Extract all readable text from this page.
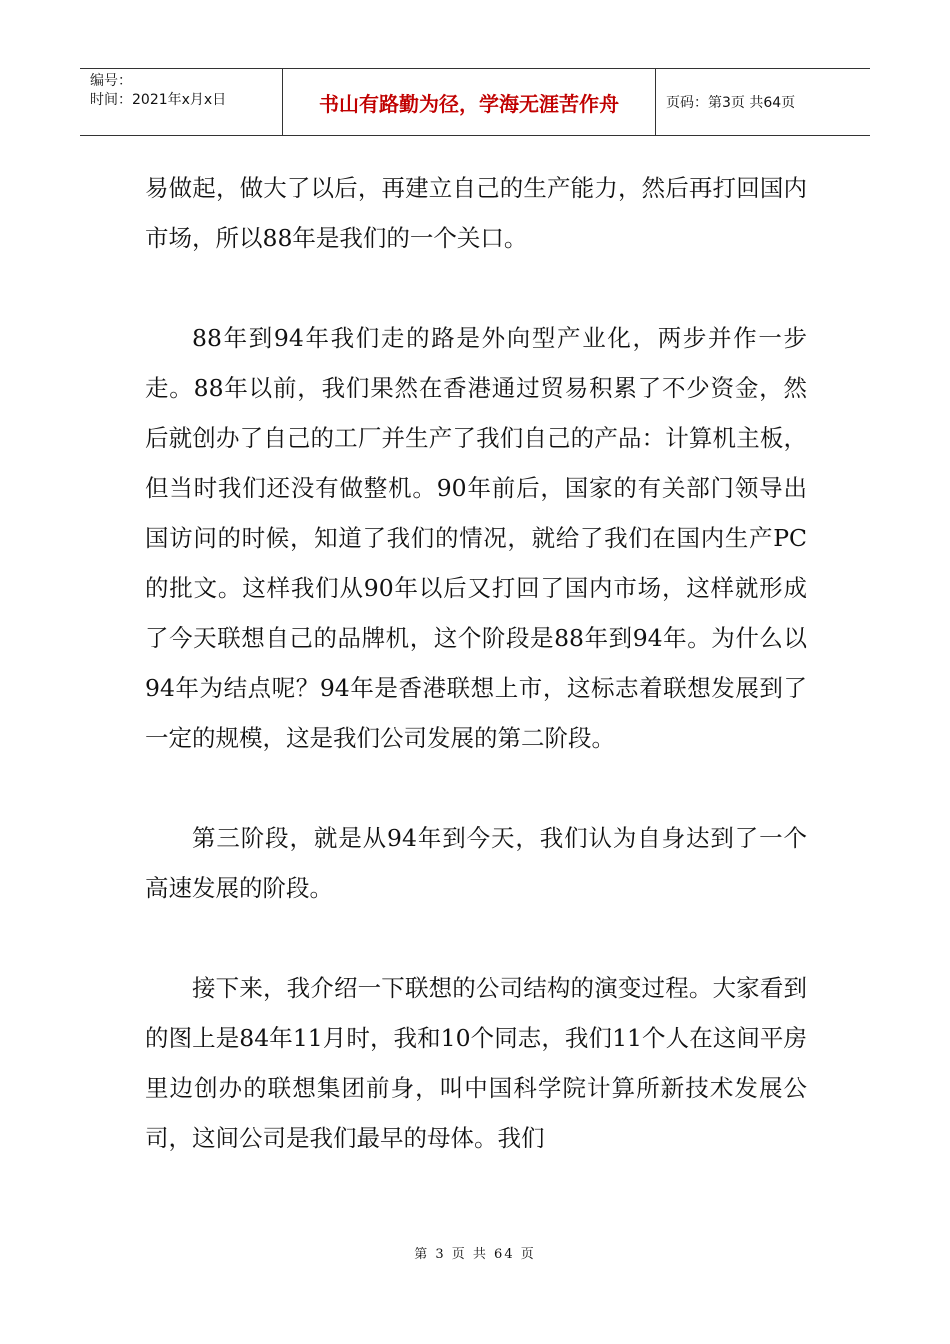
编号：
时间：2021年x月x日	书山有路勤为径，学海无涯苦作舟	页码：第3页 共64页

易做起，做大了以后，再建立自己的生产能力，然后再打回国内市场，所以88年是我们的一个关口。

88年到94年我们走的路是外向型产业化，两步并作一步走。88年以前，我们果然在香港通过贸易积累了不少资金，然后就创办了自己的工厂并生产了我们自己的产品：计算机主板，但当时我们还没有做整机。90年前后，国家的有关部门领导出国访问的时候，知道了我们的情况，就给了我们在国内生产PC的批文。这样我们从90年以后又打回了国内市场，这样就形成了今天联想自己的品牌机，这个阶段是88年到94年。为什么以94年为结点呢？94年是香港联想上市，这标志着联想发展到了一定的规模，这是我们公司发展的第二阶段。

第三阶段，就是从94年到今天，我们认为自身达到了一个高速发展的阶段。

接下来，我介绍一下联想的公司结构的演变过程。大家看到的图上是84年11月时，我和10个同志，我们11个人在这间平房里边创办的联想集团前身，叫中国科学院计算所新技术发展公司，这间公司是我们最早的母体。我们

第 3 页 共 64 页
